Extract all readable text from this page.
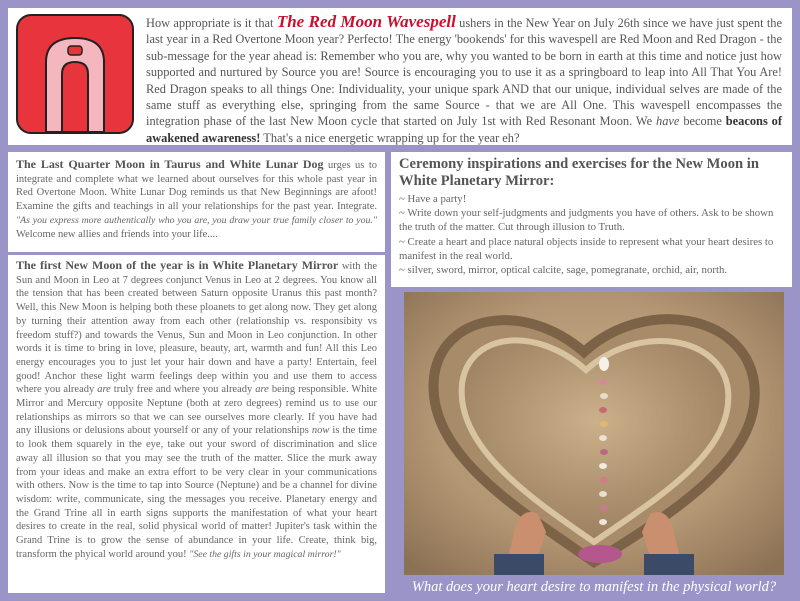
How appropriate is it that The Red Moon Wavespell ushers in the New Year on July 26th since we have just spent the last year in a Red Overtone Moon year? Perfecto! The energy 'bookends' for this wavespell are Red Moon and Red Dragon - the sub-message for the year ahead is: Remember who you are, why you wanted to be born in earth at this time and notice just how supported and nurtured by Source you are! Source is encouraging you to use it as a springboard to leap into All That You Are! Red Dragon speaks to all things One: Individuality, your unique spark AND that our unique, individual selves are made of the same stuff as everything else, springing from the same Source - that we are All One. This wavespell encompasses the integration phase of the last New Moon cycle that started on July 1st with Red Resonant Moon. We have become beacons of awakened awareness! That's a nice energetic wrapping up for the year eh?
The Last Quarter Moon in Taurus and White Lunar Dog urges us to integrate and complete what we learned about ourselves for this whole past year in Red Overtone Moon. White Lunar Dog reminds us that New Beginnings are afoot! Examine the gifts and teachings in all your relationships for the past year. Integrate. "As you express more authentically who you are, you draw your true family closer to you." Welcome new allies and friends into your life....
The first New Moon of the year is in White Planetary Mirror with the Sun and Moon in Leo at 7 degrees conjunct Venus in Leo at 2 degrees. You know all the tension that has been created between Saturn opposite Uranus this past month? Well, this New Moon is helping both these ploanets to get along now. They get along by turning their attention away from each other (relationship vs. responsibity vs freedom stuff?) and towards the Venus, Sun and Moon in Leo conjunction. In other words it is time to bring in love, pleasure, beauty, art, warmth and fun! All this Leo energy encourages you to just let your hair down and have a party! Entertain, feel good! Anchor these light warm feelings deep within you and use them to access where you already are truly free and where you already are being responsible. White Mirror and Mercury opposite Neptune (both at zero degrees) remind us to use our relationships as mirrors so that we can see ourselves more clearly. If you have had any illusions or delusions about yourself or any of your relationships now is the time to look them squarely in the eye, take out your sword of discrimination and slice away all illusion so that you may see the truth of the matter. Slice the murk away from your ideas and make an extra effort to be very clear in your communications with others. Now is the time to tap into Source (Neptune) and be a channel for divine wisdom: write, communicate, sing the messages you receive. Planetary energy and the Grand Trine all in earth signs supports the manifestation of what your heart desires to create in the real, solid physical world of matter! Jupiter's task within the Grand Trine is to grow the sense of abundance in your life. Create, think big, transform the phyical world around you! "See the gifts in your magical mirror!"
Ceremony inspirations and exercises for the New Moon in White Planetary Mirror:
~ Have a party!
~ Write down your self-judgments and judgments you have of others. Ask to be shown the truth of the matter. Cut through illusion to Truth.
~ Create a heart and place natural objects inside to represent what your heart desires to manifest in the real world.
~ silver, sword, mirror, optical calcite, sage, pomegranate, orchid, air, north.
What does your heart desire to manifest in the physical world?
